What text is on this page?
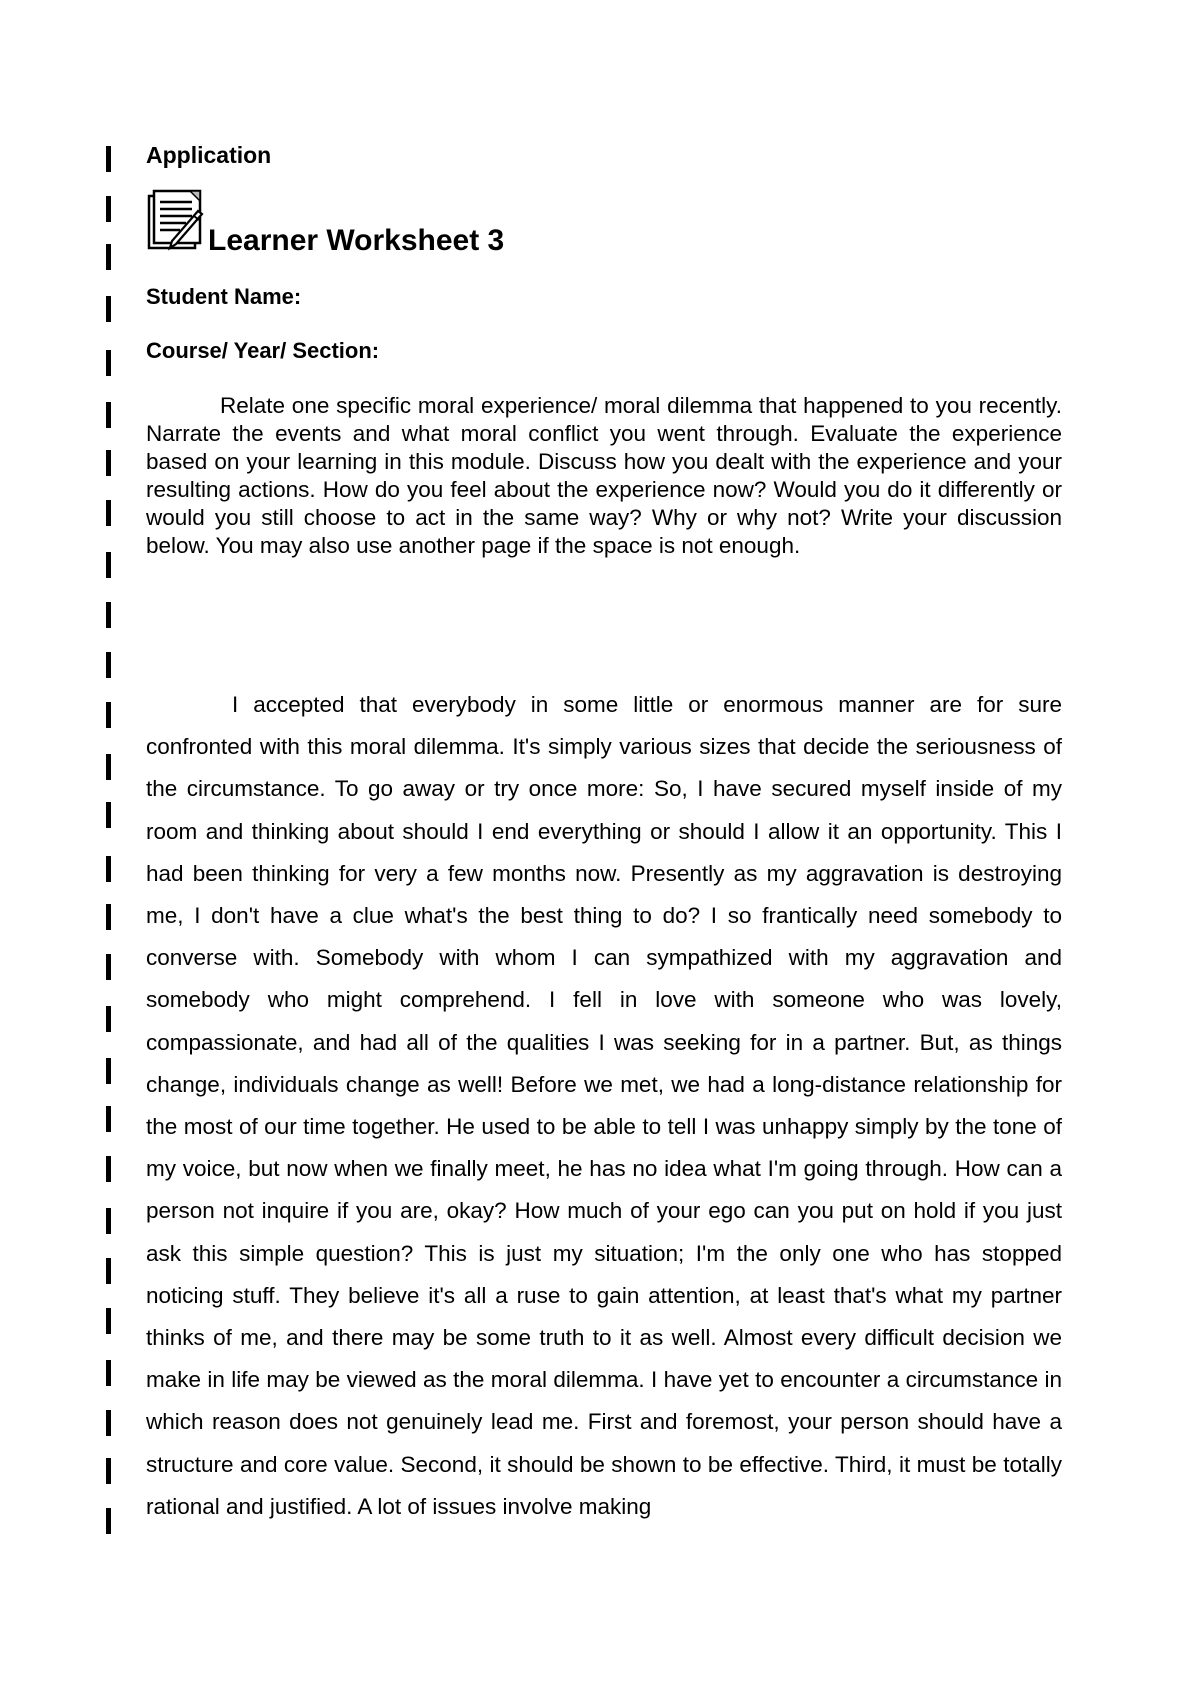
Application
Learner Worksheet 3
Student Name:
Course/ Year/ Section:

Relate one specific moral experience/ moral dilemma that happened to you recently. Narrate the events and what moral conflict you went through. Evaluate the experience based on your learning in this module. Discuss how you dealt with the experience and your resulting actions. How do you feel about the experience now? Would you do it differently or would you still choose to act in the same way? Why or why not? Write your discussion below. You may also use another page if the space is not enough.

I accepted that everybody in some little or enormous manner are for sure confronted with this moral dilemma. It's simply various sizes that decide the seriousness of the circumstance. To go away or try once more: So, I have secured myself inside of my room and thinking about should I end everything or should I allow it an opportunity. This I had been thinking for very a few months now. Presently as my aggravation is destroying me, I don't have a clue what's the best thing to do? I so frantically need somebody to converse with. Somebody with whom I can sympathized with my aggravation and somebody who might comprehend. I fell in love with someone who was lovely, compassionate, and had all of the qualities I was seeking for in a partner. But, as things change, individuals change as well! Before we met, we had a long-distance relationship for the most of our time together. He used to be able to tell I was unhappy simply by the tone of my voice, but now when we finally meet, he has no idea what I'm going through. How can a person not inquire if you are, okay? How much of your ego can you put on hold if you just ask this simple question? This is just my situation; I'm the only one who has stopped noticing stuff. They believe it's all a ruse to gain attention, at least that's what my partner thinks of me, and there may be some truth to it as well. Almost every difficult decision we make in life may be viewed as the moral dilemma. I have yet to encounter a circumstance in which reason does not genuinely lead me. First and foremost, your person should have a structure and core value. Second, it should be shown to be effective. Third, it must be totally rational and justified. A lot of issues involve making
